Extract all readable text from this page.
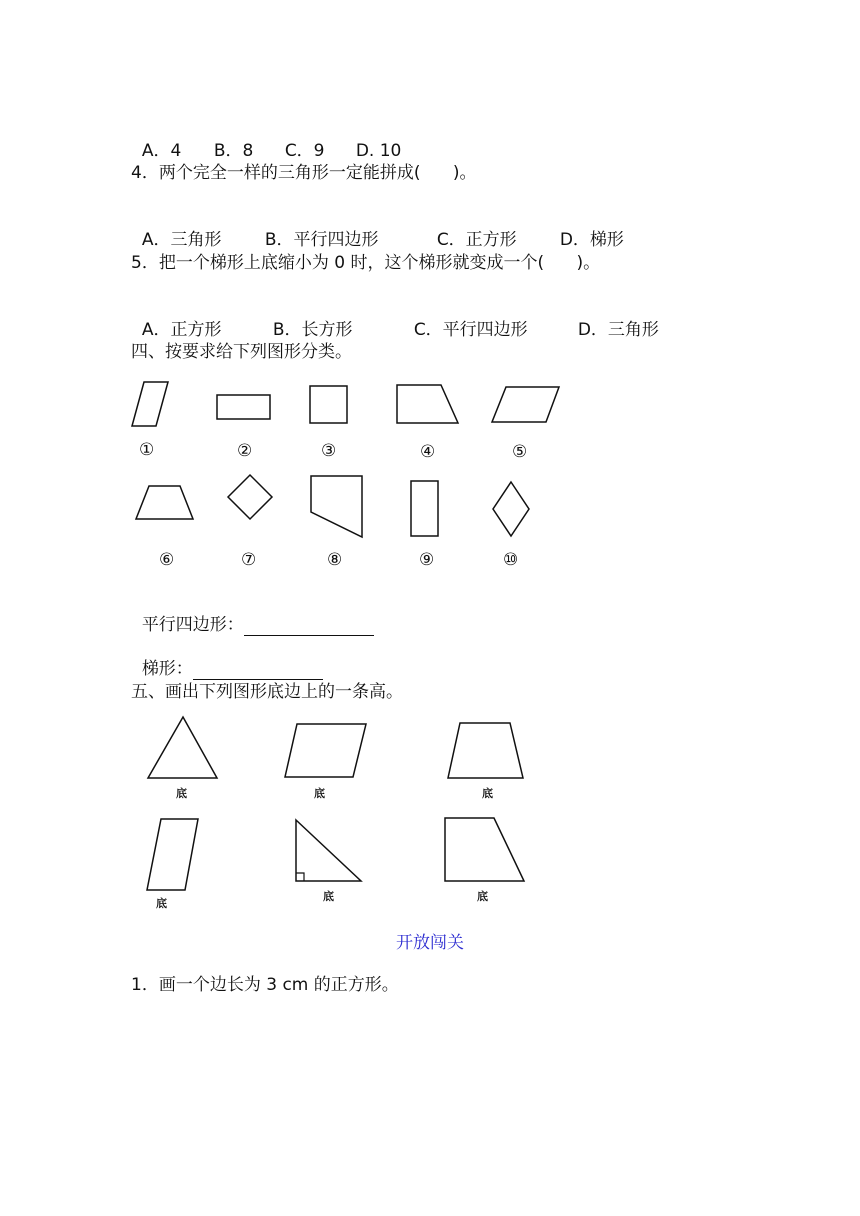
A．4 B．8 C．9 D. 10

4．两个完全一样的三角形一定能拼成(      )。

A．三角形	B．平行四边形	C．正方形	D．梯形

5．把一个梯形上底缩小为 0 时，这个梯形就变成一个(      )。

A．正方形	B．长方形	C．平行四边形	D．三角形

四、按要求给下列图形分类。
①	②	③	④	⑤
⑥	⑦	⑧	⑨	⑩

平行四边形：

梯形：

五、画出下列图形底边上的一条高。
底	底	底
底
底	底
开放闯关
1．画一个边长为 3 cm 的正方形。
